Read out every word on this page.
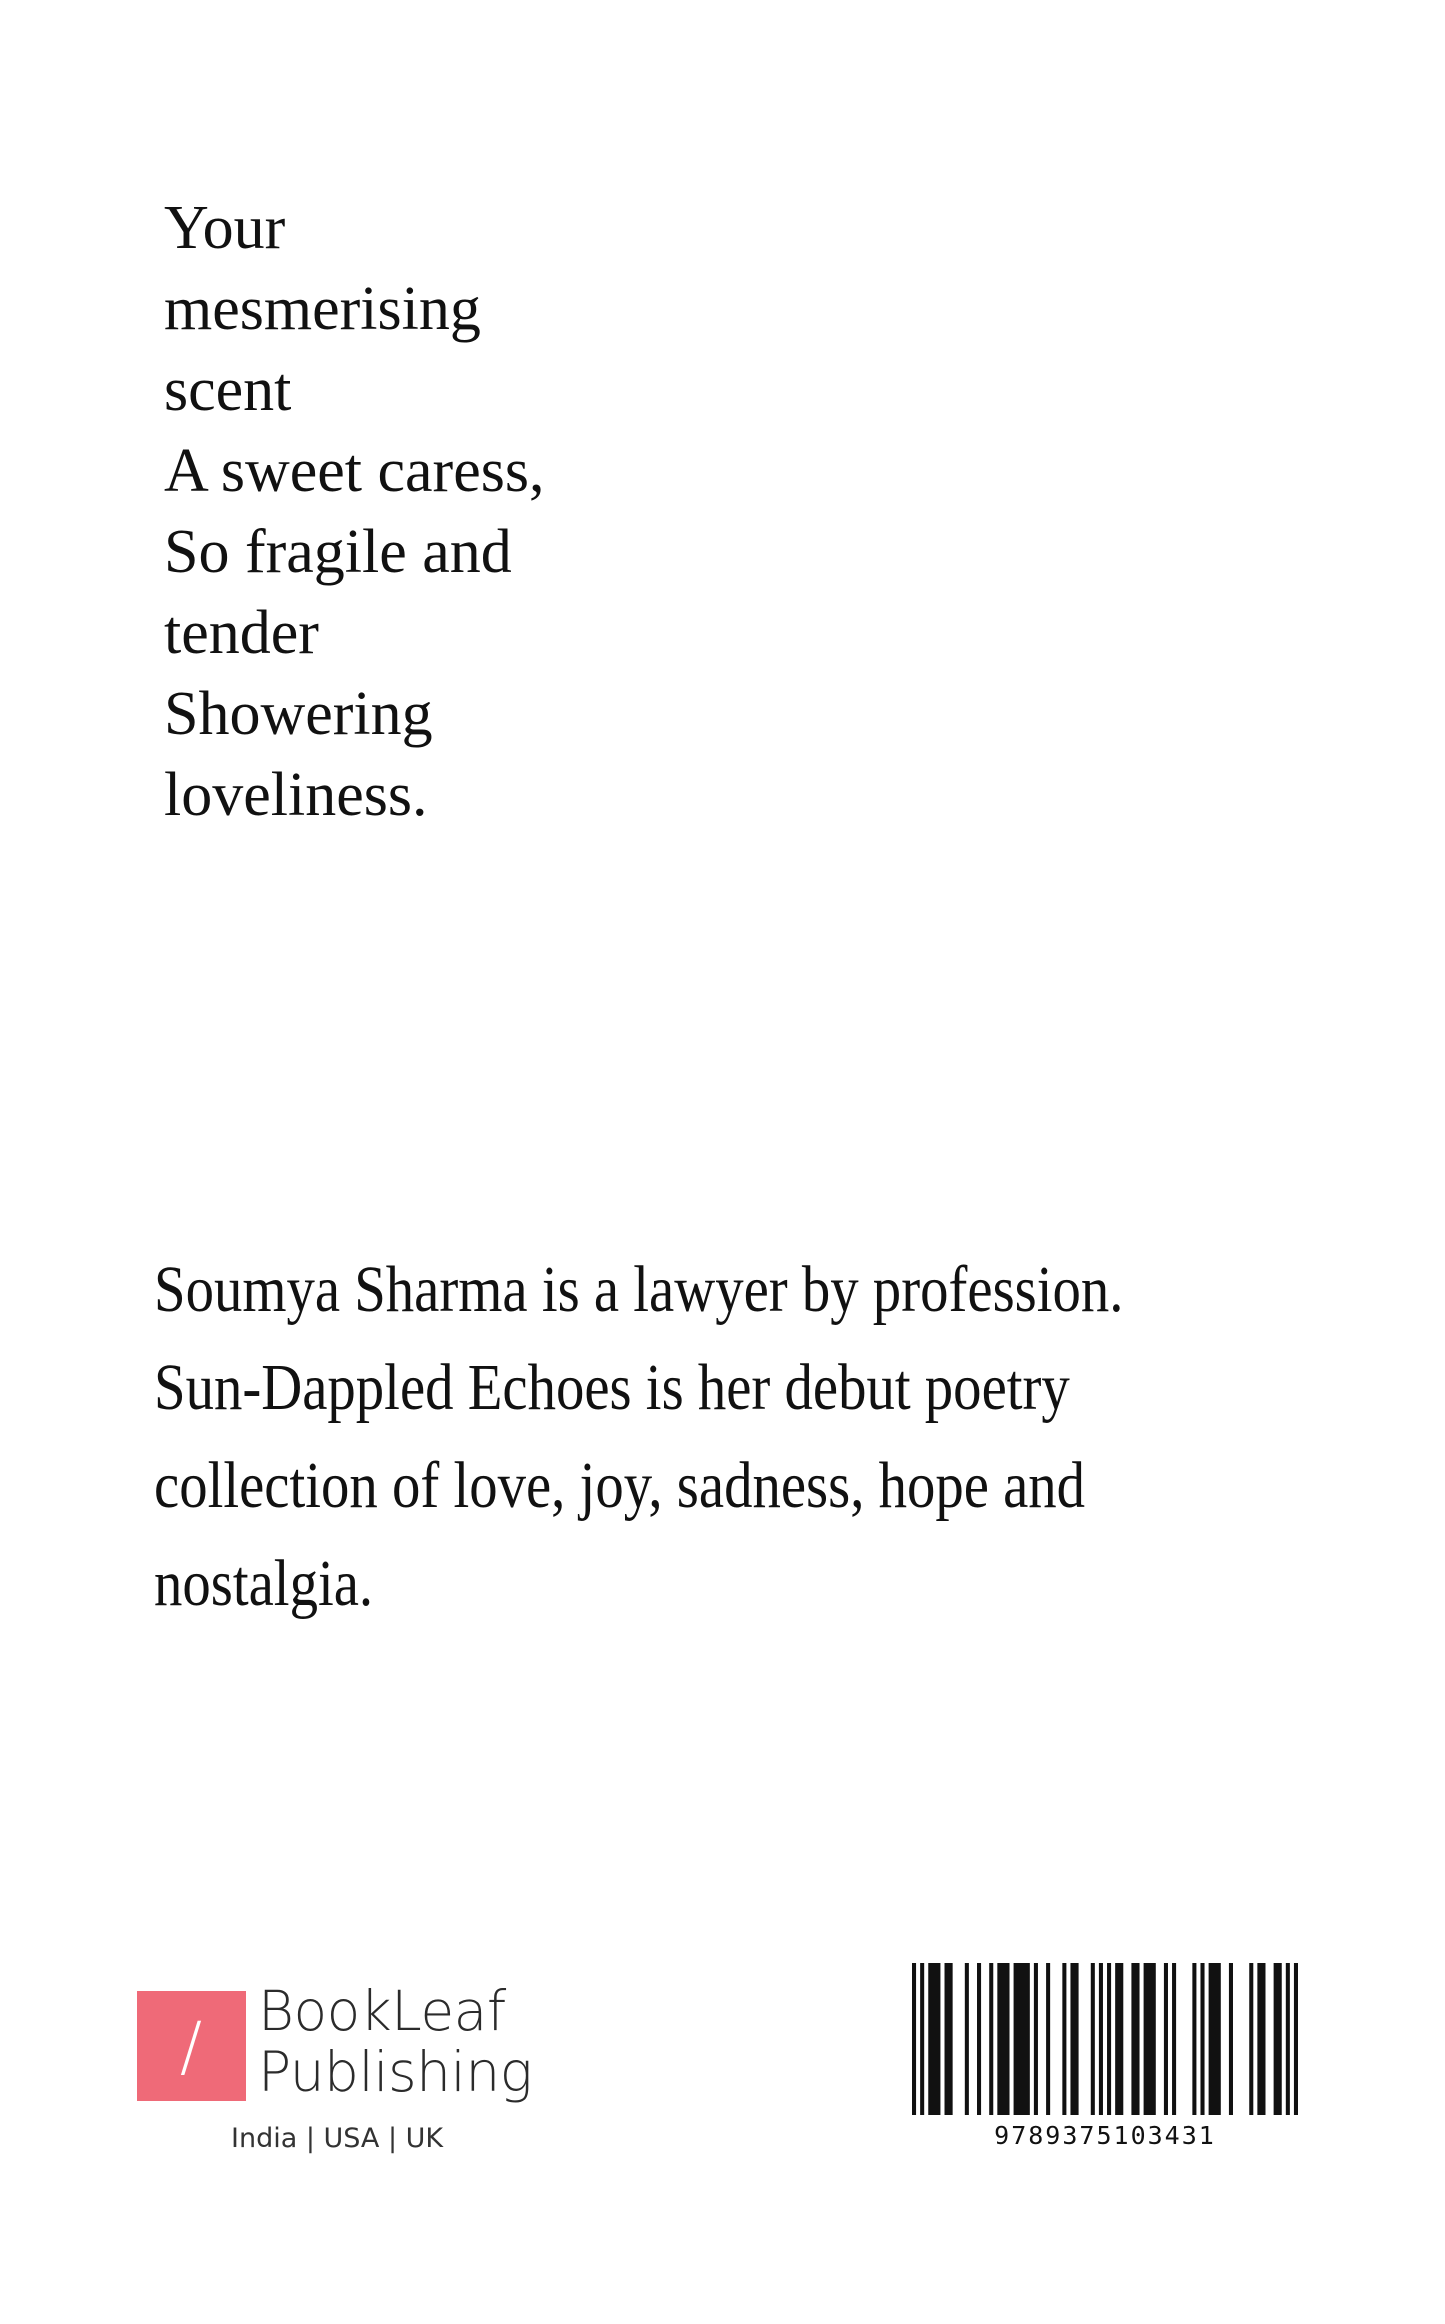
Your
mesmerising
scent
A sweet caress,
So fragile and
tender
Showering
loveliness.
Soumya Sharma is a lawyer by profession.
Sun-Dappled Echoes is her debut poetry
collection of love, joy, sadness, hope and
nostalgia.
/ BookLeaf
Publishing
India | USA | UK	9789375103431
